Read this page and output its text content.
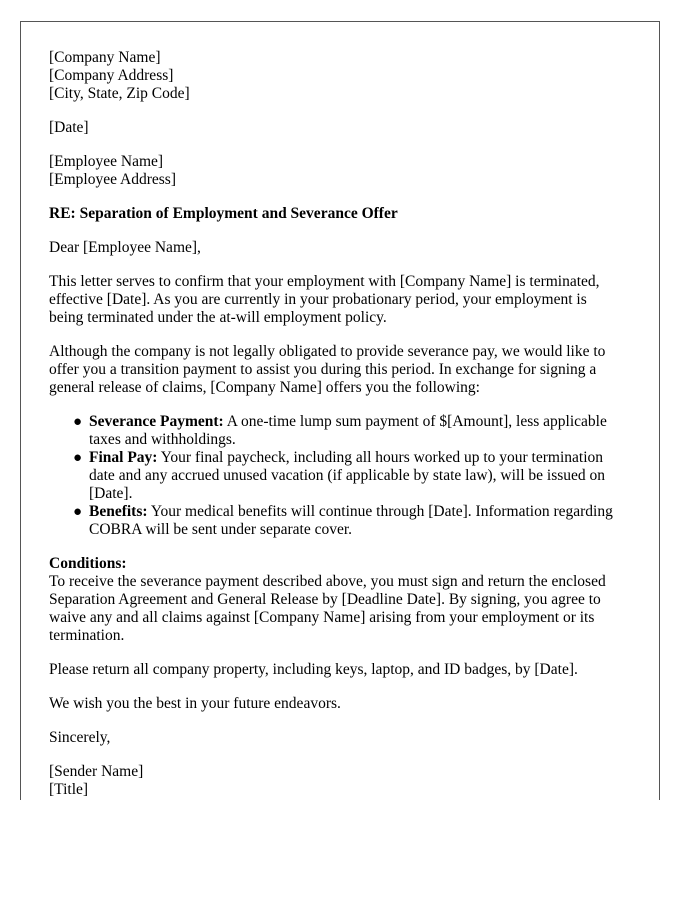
[Company Name]
[Company Address]
[City, State, Zip Code]
[Date]
[Employee Name]
[Employee Address]
RE: Separation of Employment and Severance Offer
Dear [Employee Name],
This letter serves to confirm that your employment with [Company Name] is terminated,
effective [Date]. As you are currently in your probationary period, your employment is
being terminated under the at-will employment policy.
Although the company is not legally obligated to provide severance pay, we would like to
offer you a transition payment to assist you during this period. In exchange for signing a
general release of claims, [Company Name] offers you the following:
● Severance Payment: A one-time lump sum payment of $[Amount], less applicable
taxes and withholdings.
● Final Pay: Your final paycheck, including all hours worked up to your termination
date and any accrued unused vacation (if applicable by state law), will be issued on
[Date].
● Benefits: Your medical benefits will continue through [Date]. Information regarding
COBRA will be sent under separate cover.
Conditions:
To receive the severance payment described above, you must sign and return the enclosed
Separation Agreement and General Release by [Deadline Date]. By signing, you agree to
waive any and all claims against [Company Name] arising from your employment or its
termination.
Please return all company property, including keys, laptop, and ID badges, by [Date].
We wish you the best in your future endeavors.
Sincerely,
[Sender Name]
[Title]
